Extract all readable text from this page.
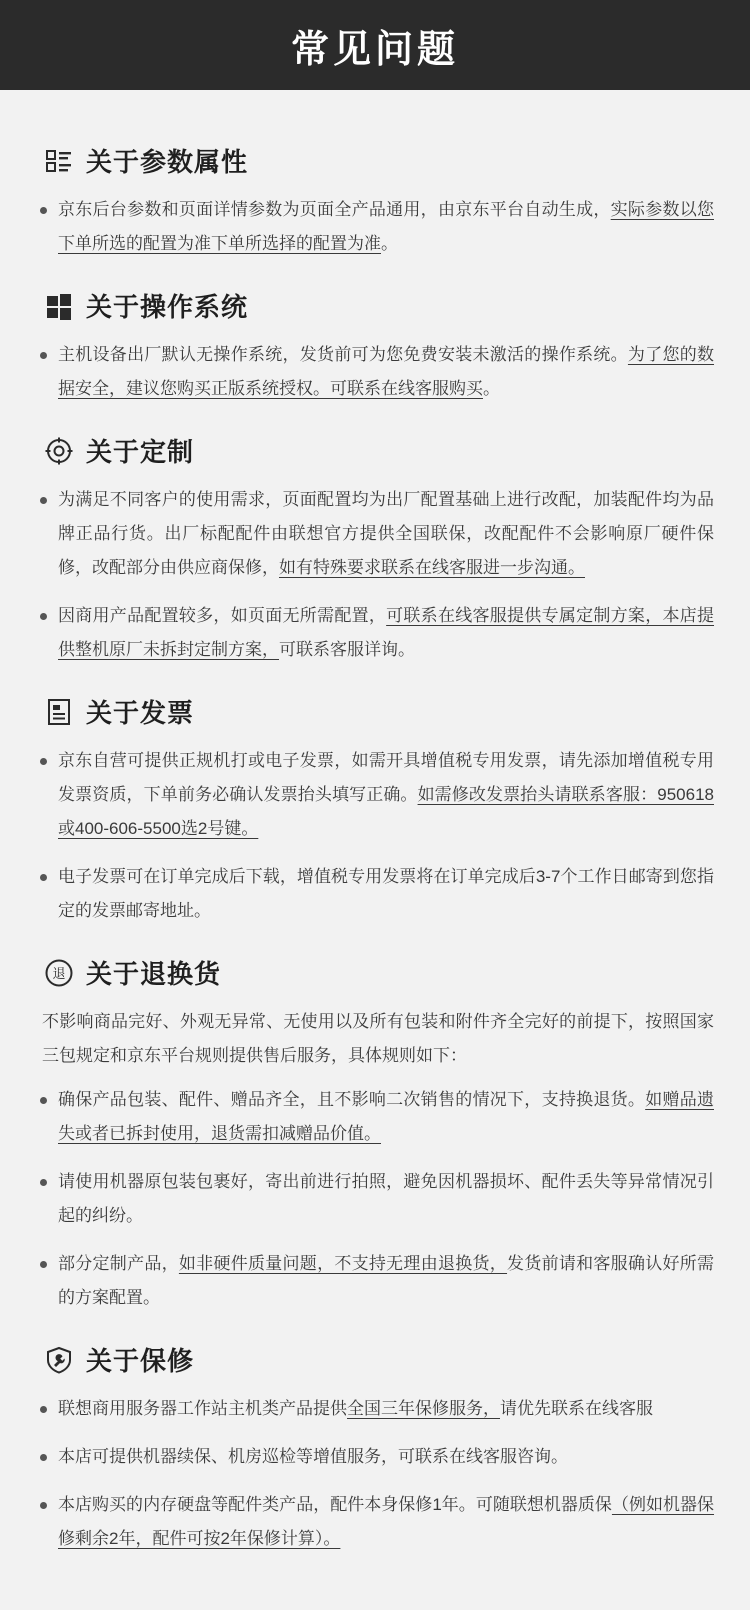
常见问题
关于参数属性
京东后台参数和页面详情参数为页面全产品通用，由京东平台自动生成，实际参数以您下单所选的配置为准下单所选择的配置为准。
关于操作系统
主机设备出厂默认无操作系统，发货前可为您免费安装未激活的操作系统。为了您的数据安全，建议您购买正版系统授权。可联系在线客服购买。
关于定制
为满足不同客户的使用需求，页面配置均为出厂配置基础上进行改配，加装配件均为品牌正品行货。出厂标配配件由联想官方提供全国联保，改配配件不会影响原厂硬件保修，改配部分由供应商保修，如有特殊要求联系在线客服进一步沟通。
因商用产品配置较多，如页面无所需配置，可联系在线客服提供专属定制方案，本店提供整机原厂未拆封定制方案，可联系客服详询。
关于发票
京东自营可提供正规机打或电子发票，如需开具增值税专用发票，请先添加增值税专用发票资质，下单前务必确认发票抬头填写正确。如需修改发票抬头请联系客服：950618或400-606-5500选2号键。
电子发票可在订单完成后下载，增值税专用发票将在订单完成后3-7个工作日邮寄到您指定的发票邮寄地址。
退 关于退换货
不影响商品完好、外观无异常、无使用以及所有包装和附件齐全完好的前提下，按照国家三包规定和京东平台规则提供售后服务，具体规则如下：
确保产品包装、配件、赠品齐全，且不影响二次销售的情况下，支持换退货。如赠品遗失或者已拆封使用，退货需扣减赠品价值。
请使用机器原包装包裹好，寄出前进行拍照，避免因机器损坏、配件丢失等异常情况引起的纠纷。
部分定制产品，如非硬件质量问题，不支持无理由退换货，发货前请和客服确认好所需的方案配置。
关于保修
联想商用服务器工作站主机类产品提供全国三年保修服务，请优先联系在线客服
本店可提供机器续保、机房巡检等增值服务，可联系在线客服咨询。
本店购买的内存硬盘等配件类产品，配件本身保修1年。可随联想机器质保（例如机器保修剩余2年，配件可按2年保修计算）。
